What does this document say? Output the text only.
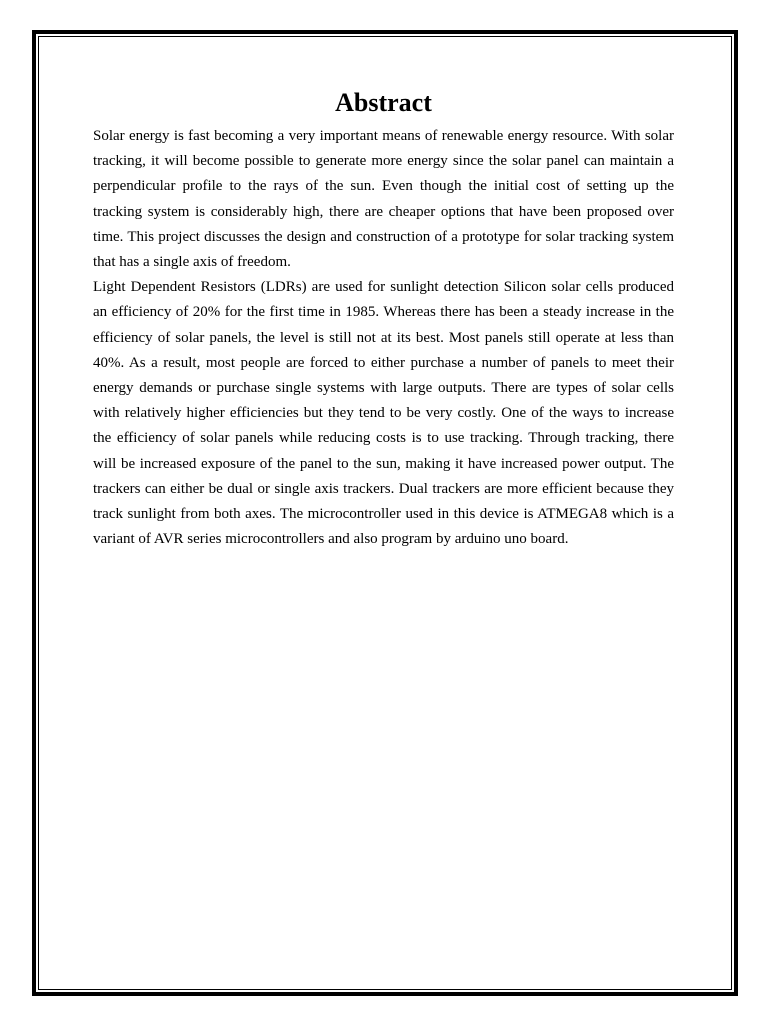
Abstract

Solar energy is fast becoming a very important means of renewable energy resource. With solar tracking, it will become possible to generate more energy since the solar panel can maintain a perpendicular profile to the rays of the sun. Even though the initial cost of setting up the tracking system is considerably high, there are cheaper options that have been proposed over time. This project discusses the design and construction of a prototype for solar tracking system that has a single axis of freedom.

Light Dependent Resistors (LDRs) are used for sunlight detection Silicon solar cells produced an efficiency of 20% for the first time in 1985. Whereas there has been a steady increase in the efficiency of solar panels, the level is still not at its best. Most panels still operate at less than 40%. As a result, most people are forced to either purchase a number of panels to meet their energy demands or purchase single systems with large outputs. There are types of solar cells with relatively higher efficiencies but they tend to be very costly. One of the ways to increase the efficiency of solar panels while reducing costs is to use tracking. Through tracking, there will be increased exposure of the panel to the sun, making it have increased power output. The trackers can either be dual or single axis trackers. Dual trackers are more efficient because they track sunlight from both axes. The microcontroller used in this device is ATMEGA8 which is a variant of AVR series microcontrollers and also program by arduino uno board.
